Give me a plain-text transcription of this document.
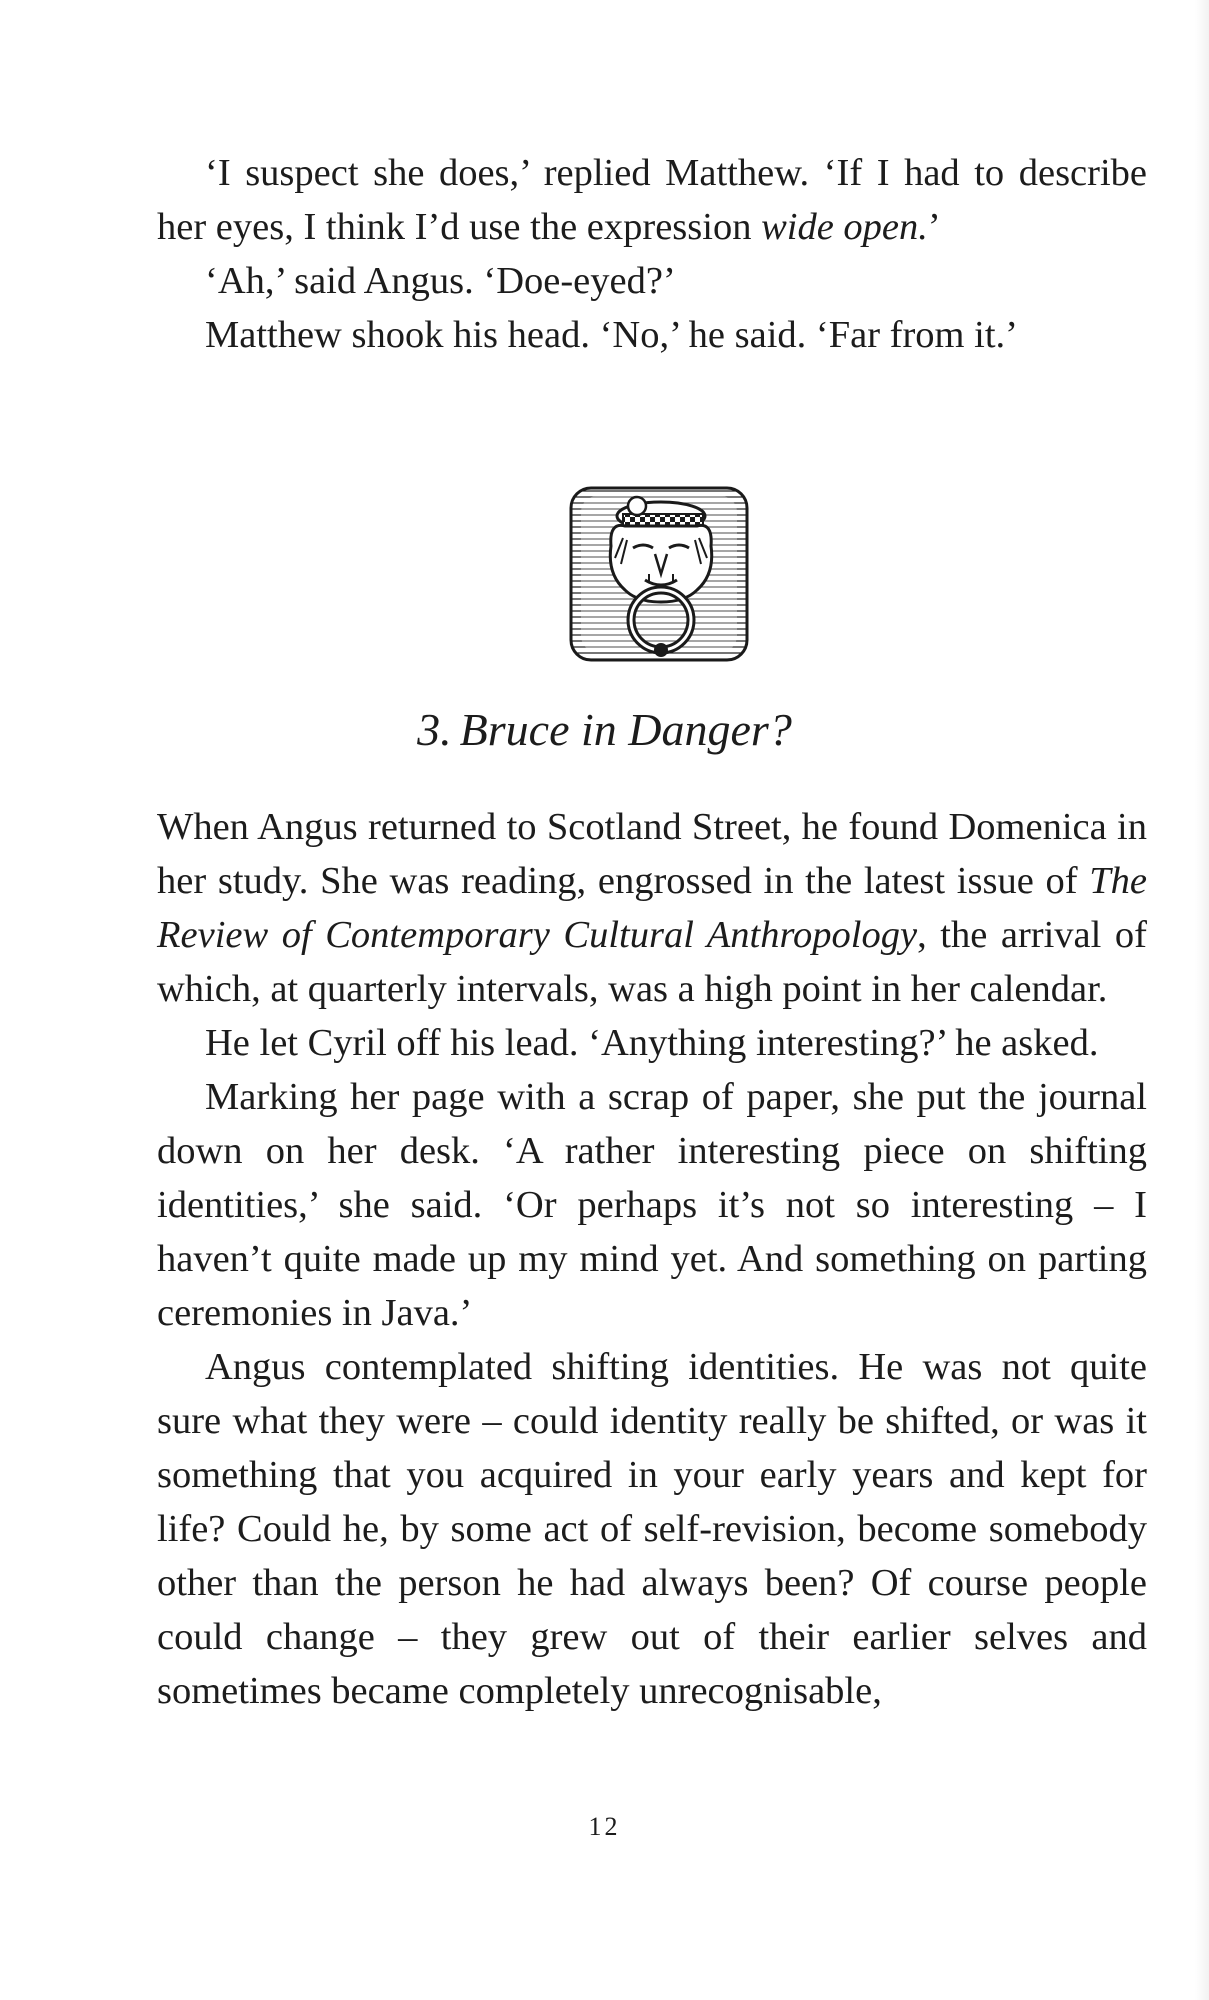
‘I suspect she does,’ replied Matthew. ‘If I had to describe her eyes, I think I’d use the expression wide open.’

‘Ah,’ said Angus. ‘Doe-eyed?’

Matthew shook his head. ‘No,’ he said. ‘Far from it.’

3. Bruce in Danger?

When Angus returned to Scotland Street, he found Domenica in her study. She was reading, engrossed in the latest issue of The Review of Contemporary Cultural Anthropology, the arrival of which, at quarterly intervals, was a high point in her calendar.

He let Cyril off his lead. ‘Anything interesting?’ he asked.

Marking her page with a scrap of paper, she put the journal down on her desk. ‘A rather interesting piece on shifting identities,’ she said. ‘Or perhaps it’s not so interesting – I haven’t quite made up my mind yet. And something on parting ceremonies in Java.’

Angus contemplated shifting identities. He was not quite sure what they were – could identity really be shifted, or was it something that you acquired in your early years and kept for life? Could he, by some act of self-revision, become somebody other than the person he had always been? Of course people could change – they grew out of their earlier selves and sometimes became completely unrecognisable,

12
